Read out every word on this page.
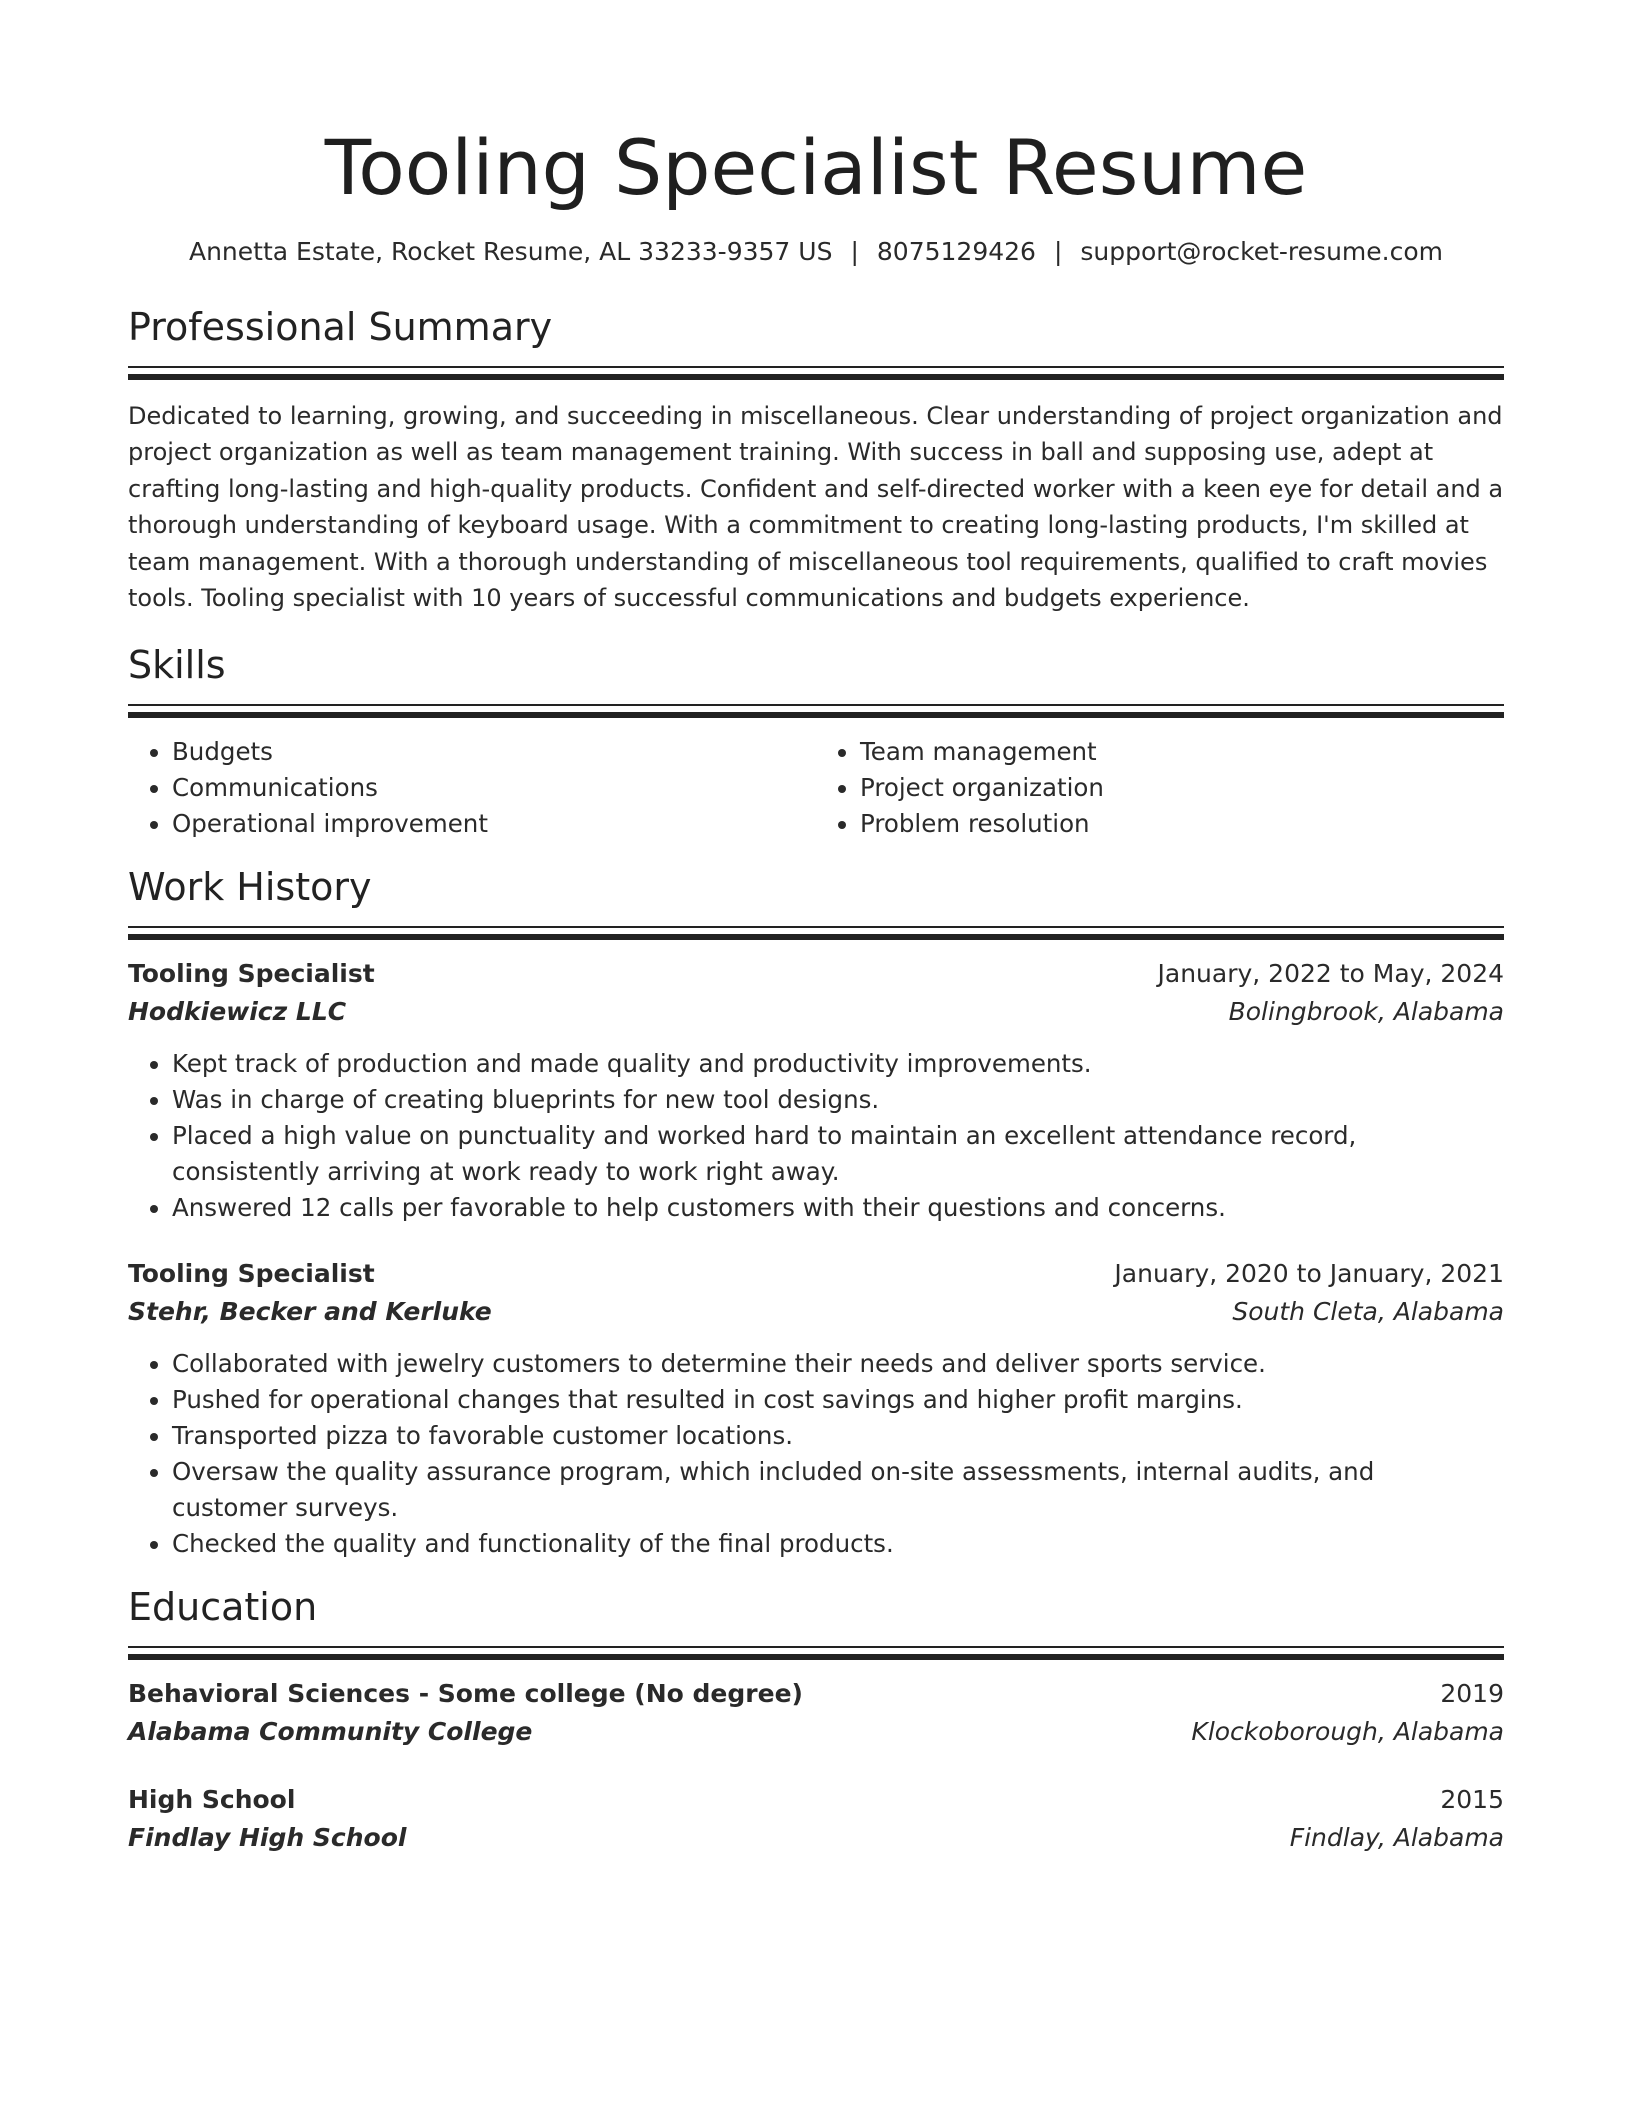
Tooling Specialist Resume
Annetta Estate, Rocket Resume, AL 33233-9357 US | 8075129426 | support@rocket-resume.com
Professional Summary
Dedicated to learning, growing, and succeeding in miscellaneous. Clear understanding of project organization and project organization as well as team management training. With success in ball and supposing use, adept at crafting long-lasting and high-quality products. Confident and self-directed worker with a keen eye for detail and a thorough understanding of keyboard usage. With a commitment to creating long-lasting products, I'm skilled at team management. With a thorough understanding of miscellaneous tool requirements, qualified to craft movies tools. Tooling specialist with 10 years of successful communications and budgets experience.
Skills
• Budgets
• Communications
• Operational improvement
• Team management
• Project organization
• Problem resolution
Work History
Tooling Specialist	January, 2022 to May, 2024
Hodkiewicz LLC	Bolingbrook, Alabama
• Kept track of production and made quality and productivity improvements.
• Was in charge of creating blueprints for new tool designs.
• Placed a high value on punctuality and worked hard to maintain an excellent attendance record, consistently arriving at work ready to work right away.
• Answered 12 calls per favorable to help customers with their questions and concerns.
Tooling Specialist	January, 2020 to January, 2021
Stehr, Becker and Kerluke	South Cleta, Alabama
• Collaborated with jewelry customers to determine their needs and deliver sports service.
• Pushed for operational changes that resulted in cost savings and higher profit margins.
• Transported pizza to favorable customer locations.
• Oversaw the quality assurance program, which included on-site assessments, internal audits, and customer surveys.
• Checked the quality and functionality of the final products.
Education
Behavioral Sciences - Some college (No degree)	2019
Alabama Community College	Klockoborough, Alabama
High School	2015
Findlay High School	Findlay, Alabama
